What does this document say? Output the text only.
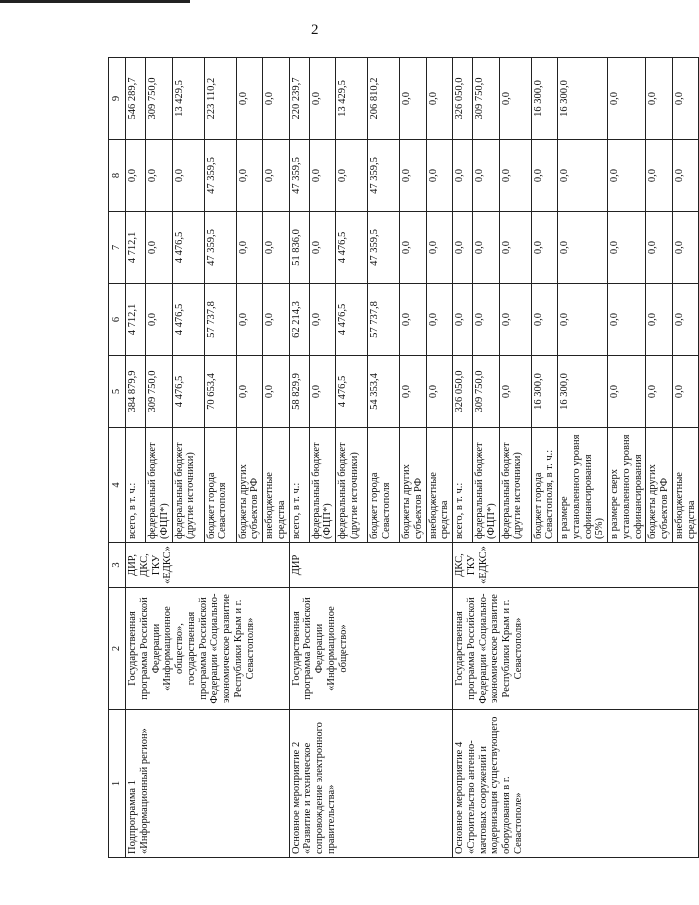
2
1	2	3	4	5	6	7	8	9
Подпрограмма 1 «Информационный регион»	Государственная программа Российской Федерации «Информационное общество», государственная программа Российской Федерации «Социально-экономическое развитие Республики Крым и г. Севастополя»	ДИР, ДКС, ГКУ «ЕДКС»	всего, в т. ч.:	384 879,9	4 712,1	4 712,1	0,0	546 289,7
			федеральный бюджет (ФЦП*)	309 750,0	0,0	0,0	0,0	309 750,0
			федеральный бюджет (другие источники)	4 476,5	4 476,5	4 476,5	0,0	13 429,5
			бюджет города Севастополя	70 653,4	57 737,8	47 359,5	47 359,5	223 110,2
			бюджеты других субъектов РФ	0,0	0,0	0,0	0,0	0,0
			внебюджетные средства	0,0	0,0	0,0	0,0	0,0
Основное мероприятие 2 «Развитие и техническое сопровождение электронного правительства»	Государственная программа Российской Федерации «Информационное общество»	ДИР	всего, в т. ч.:	58 829,9	62 214,3	51 836,0	47 359,5	220 239,7
			федеральный бюджет (ФЦП*)	0,0	0,0	0,0	0,0	0,0
			федеральный бюджет (другие источники)	4 476,5	4 476,5	4 476,5	0,0	13 429,5
			бюджет города Севастополя	54 353,4	57 737,8	47 359,5	47 359,5	206 810,2
			бюджеты других субъектов РФ	0,0	0,0	0,0	0,0	0,0
			внебюджетные средства	0,0	0,0	0,0	0,0	0,0
Основное мероприятие 4 «Строительство антенно-мачтовых сооружений и модернизация существующего оборудования в г. Севастополе»	Государственная программа Российской Федерации «Социально-экономическое развитие Республики Крым и г. Севастополя»	ДКС, ГКУ «ЕДКС»	всего, в т. ч.:	326 050,0	0,0	0,0	0,0	326 050,0
			федеральный бюджет (ФЦП*)	309 750,0	0,0	0,0	0,0	309 750,0
			федеральный бюджет (другие источники)	0,0	0,0	0,0	0,0	0,0
			бюджет города Севастополя, в т. ч.:	16 300,0	0,0	0,0	0,0	16 300,0
			в размере установленного уровня софинансирования (5%)	16 300,0	0,0	0,0	0,0	16 300,0
			в размере сверх установленного уровня софинансирования	0,0	0,0	0,0	0,0	0,0
			бюджеты других субъектов РФ	0,0	0,0	0,0	0,0	0,0
			внебюджетные средства	0,0	0,0	0,0	0,0	0,0
